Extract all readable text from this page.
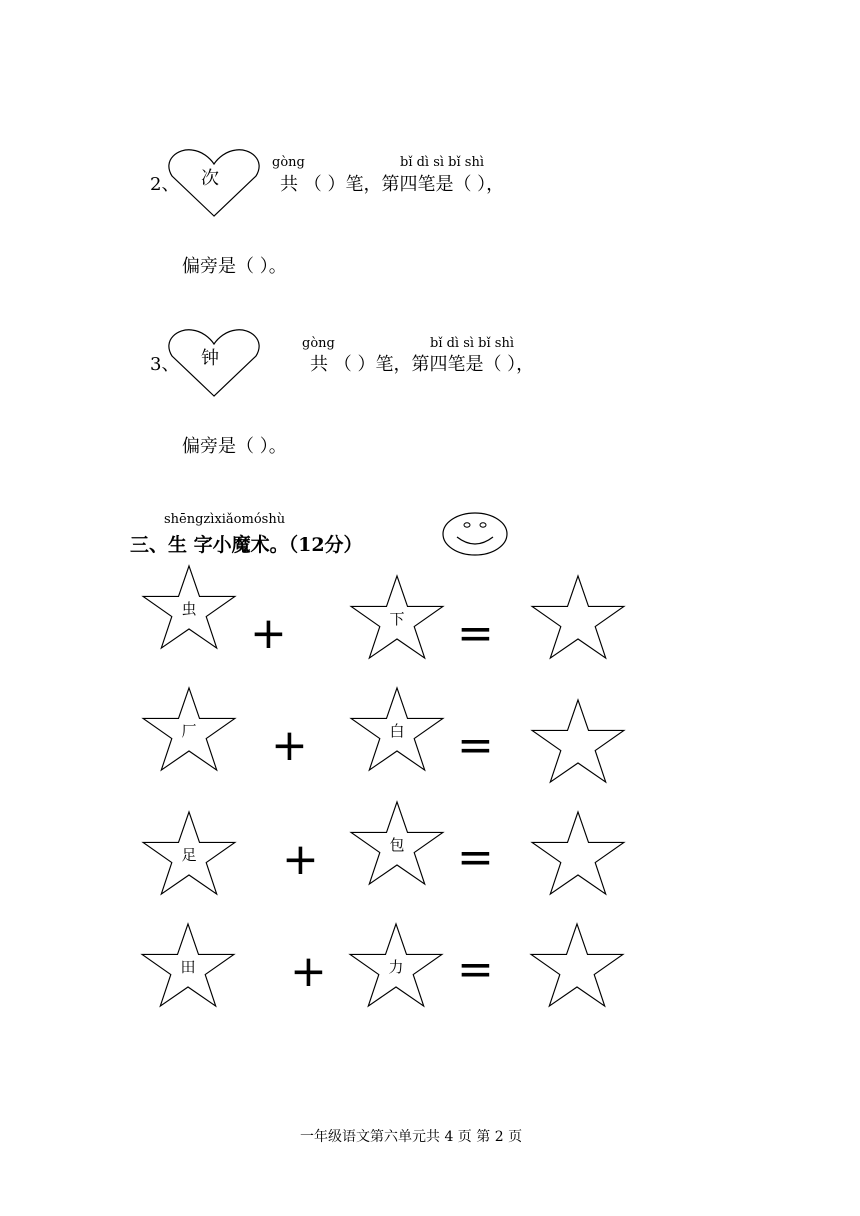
2、	次
gòng	bǐ dì sì bǐ shì
共 （ ）笔，第四笔是（ ），
偏旁是（ ）。
3、	钟
gòng	bǐ dì sì bǐ shì
共 （ ）笔，第四笔是（ ），
偏旁是（ ）。
shēngzìxiǎomóshù
三、生 字小魔术。（12分）
虫	+	下	=
厂	+	白	=
足	+	包	=
田	+	力	=
一年级语文第六单元共 4 页 第 2 页
